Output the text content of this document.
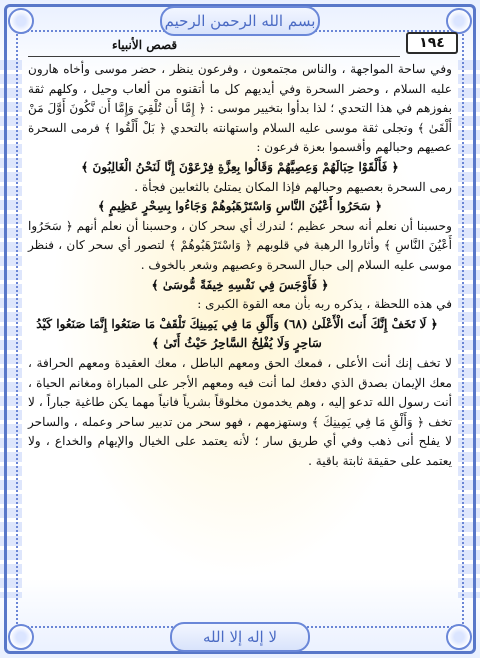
بسم الله الرحمن الرحيم
لا إله إلا الله
١٩٤
قصص الأنبياء

وفي ساحة المواجهة ، والناس مجتمعون ، وفرعون ينظر ، حضر موسى وأخاه هارون عليه السلام ، وحضر السحرة وفي أيديهم كل ما أتقنوه من ألعاب وحيل ، وكلهم ثقة بفوزهم في هذا التحدي ؛ لذا بدأوا بتخيير موسى : ﴿ إِمَّا أَن تُلْقِيَ وَإِمَّا أَن نَّكُونَ أَوَّلَ مَنْ أَلْقَىٰ ﴾ وتجلى ثقة موسى عليه السلام واستهانته بالتحدي ﴿ بَلْ أَلْقُوا ﴾ فرمى السحرة عصيهم وحبالهم وأقسموا بعزة فرعون :

﴿ فَأَلْقَوْا حِبَالَهُمْ وَعِصِيَّهُمْ وَقَالُوا بِعِزَّةِ فِرْعَوْنَ إِنَّا لَنَحْنُ الْغَالِبُونَ ﴾

رمى السحرة بعصيهم وحبالهم فإذا المكان يمتلئ بالثعابين فجأة .

﴿ سَحَرُوا أَعْيُنَ النَّاسِ وَاسْتَرْهَبُوهُمْ وَجَاءُوا بِسِحْرٍ عَظِيمٍ ﴾

وحسبنا أن نعلم أنه سحر عظيم ؛ لندرك أي سحر كان ، وحسبنا أن نعلم أنهم ﴿ سَحَرُوا أَعْيُنَ النَّاسِ ﴾ وأثاروا الرهبة في قلوبهم ﴿ وَاسْتَرْهَبُوهُمْ ﴾ لتصور أي سحر كان ، فنظر موسى عليه السلام إلى حبال السحرة وعصيهم وشعر بالخوف .

﴿ فَأَوْجَسَ فِي نَفْسِهِ خِيفَةً مُّوسَىٰ ﴾

في هذه اللحظة ، يذكره ربه بأن معه القوة الكبرى :

﴿ لَا تَخَفْ إِنَّكَ أَنتَ الْأَعْلَىٰ (٦٨) وَأَلْقِ مَا فِي يَمِينِكَ تَلْقَفْ مَا صَنَعُوا إِنَّمَا صَنَعُوا كَيْدُ سَاحِرٍ وَلَا يُفْلِحُ السَّاحِرُ حَيْثُ أَتَىٰ ﴾

لا تخف إنك أنت الأعلى ، فمعك الحق ومعهم الباطل ، معك العقيدة ومعهم الحرافة ، معك الإيمان بصدق الذي دفعك لما أنت فيه ومعهم الأجر على المباراة ومغانم الحياة ، أنت رسول الله تدعو إليه ، وهم يخدمون مخلوقاً بشرياً فانياً مهما يكن طاغية جباراً ، لا تخف ﴿ وَأَلْقِ مَا فِي يَمِينِكَ ﴾ وستهزمهم ، فهو سحر من تدبير ساحر وعمله ، والساحر لا يفلح أنى ذهب وفي أي طريق سار ؛ لأنه يعتمد على الخيال والإيهام والخداع ، ولا يعتمد على حقيقة ثابتة باقية .
